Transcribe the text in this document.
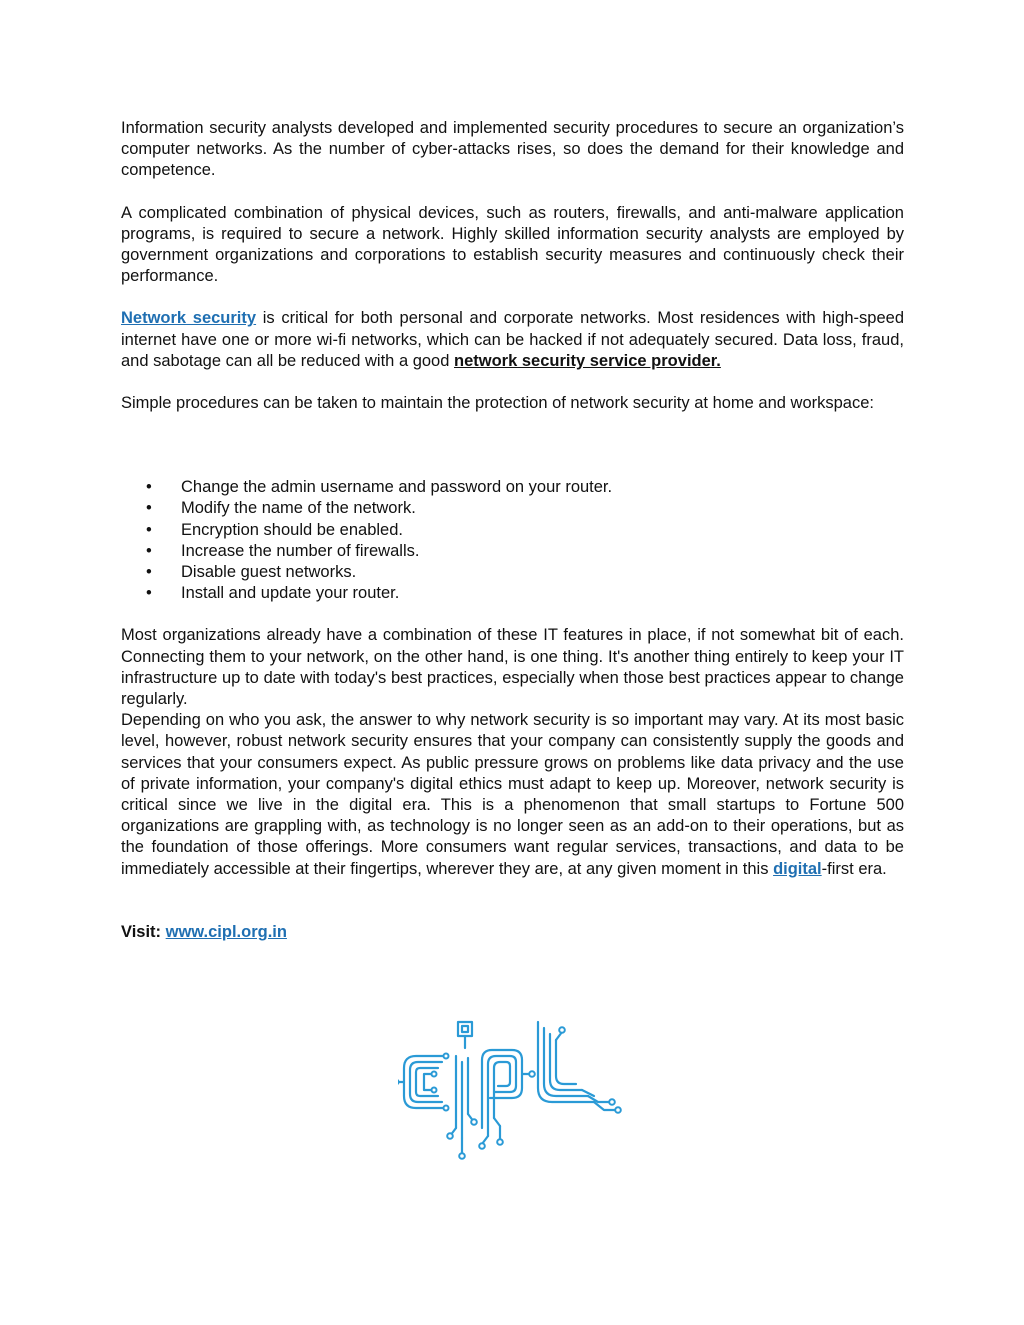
Information security analysts developed and implemented security procedures to secure an organization’s computer networks. As the number of cyber-attacks rises, so does the demand for their knowledge and competence.

A complicated combination of physical devices, such as routers, firewalls, and anti-malware application programs, is required to secure a network. Highly skilled information security analysts are employed by government organizations and corporations to establish security measures and continuously check their performance.

Network security is critical for both personal and corporate networks. Most residences with high-speed internet have one or more wi-fi networks, which can be hacked if not adequately secured. Data loss, fraud, and sabotage can all be reduced with a good network security service provider.

Simple procedures can be taken to maintain the protection of network security at home and workspace:

• Change the admin username and password on your router.
• Modify the name of the network.
• Encryption should be enabled.
• Increase the number of firewalls.
• Disable guest networks.
• Install and update your router.

Most organizations already have a combination of these IT features in place, if not somewhat bit of each. Connecting them to your network, on the other hand, is one thing. It's another thing entirely to keep your IT infrastructure up to date with today's best practices, especially when those best practices appear to change regularly.

Depending on who you ask, the answer to why network security is so important may vary. At its most basic level, however, robust network security ensures that your company can consistently supply the goods and services that your consumers expect. As public pressure grows on problems like data privacy and the use of private information, your company's digital ethics must adapt to keep up. Moreover, network security is critical since we live in the digital era. This is a phenomenon that small startups to Fortune 500 organizations are grappling with, as technology is no longer seen as an add-on to their operations, but as the foundation of those offerings. More consumers want regular services, transactions, and data to be immediately accessible at their fingertips, wherever they are, at any given moment in this digital-first era.

Visit: www.cipl.org.in
